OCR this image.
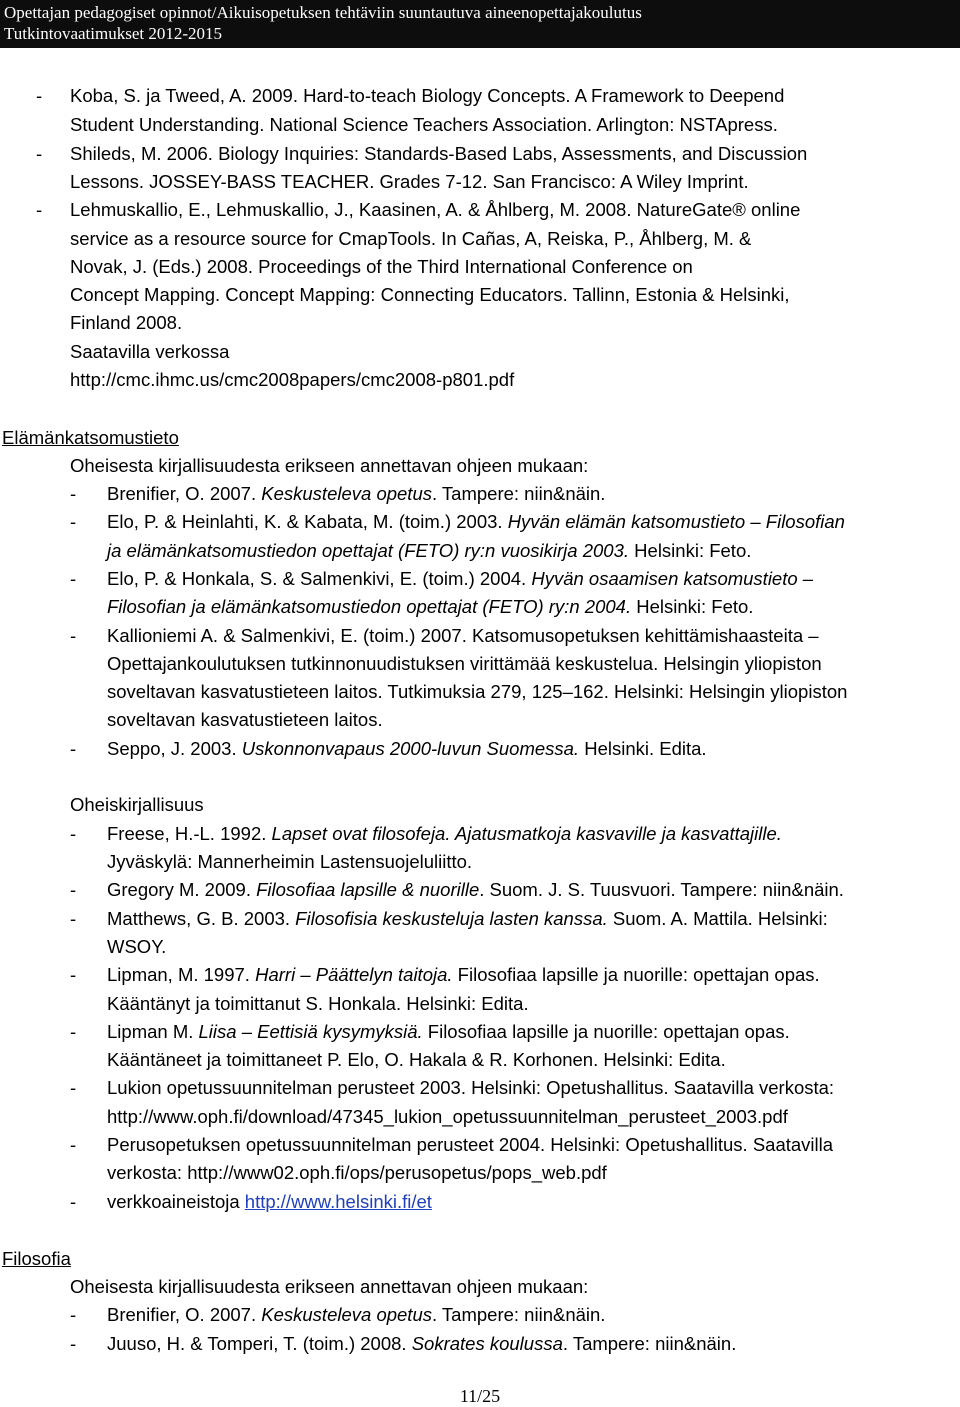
Opettajan pedagogiset opinnot/Aikuisopetuksen tehtäviin suuntautuva aineenopettajakoulutus
Tutkintovaatimukset 2012-2015
- Koba, S. ja Tweed, A. 2009. Hard-to-teach Biology Concepts. A Framework to Deepend
Student Understanding. National Science Teachers Association. Arlington: NSTApress.
- Shileds, M. 2006. Biology Inquiries: Standards-Based Labs, Assessments, and Discussion
Lessons. JOSSEY-BASS TEACHER. Grades 7-12. San Francisco: A Wiley Imprint.
- Lehmuskallio, E., Lehmuskallio, J., Kaasinen, A. & Åhlberg, M. 2008. NatureGate® online
service as a resource source for CmapTools. In Cañas, A, Reiska, P., Åhlberg, M. &
Novak, J. (Eds.) 2008. Proceedings of the Third International Conference on
Concept Mapping. Concept Mapping: Connecting Educators. Tallinn, Estonia & Helsinki,
Finland 2008.
Saatavilla verkossa
http://cmc.ihmc.us/cmc2008papers/cmc2008-p801.pdf
Elämänkatsomustieto
Oheisesta kirjallisuudesta erikseen annettavan ohjeen mukaan:
- Brenifier, O. 2007. Keskusteleva opetus. Tampere: niin&näin.
- Elo, P. & Heinlahti, K. & Kabata, M. (toim.) 2003. Hyvän elämän katsomustieto – Filosofian
ja elämänkatsomustiedon opettajat (FETO) ry:n vuosikirja 2003. Helsinki: Feto.
- Elo, P. & Honkala, S. & Salmenkivi, E. (toim.) 2004. Hyvän osaamisen katsomustieto –
Filosofian ja elämänkatsomustiedon opettajat (FETO) ry:n 2004. Helsinki: Feto.
- Kallioniemi A. & Salmenkivi, E. (toim.) 2007. Katsomusopetuksen kehittämishaasteita –
Opettajankoulutuksen tutkinnonuudistuksen virittämää keskustelua. Helsingin yliopiston
soveltavan kasvatustieteen laitos. Tutkimuksia 279, 125–162. Helsinki: Helsingin yliopiston
soveltavan kasvatustieteen laitos.
- Seppo, J. 2003. Uskonnonvapaus 2000-luvun Suomessa. Helsinki. Edita.
Oheiskirjallisuus
- Freese, H.-L. 1992. Lapset ovat filosofeja. Ajatusmatkoja kasvaville ja kasvattajille.
Jyväskylä: Mannerheimin Lastensuojeluliitto.
- Gregory M. 2009. Filosofiaa lapsille & nuorille. Suom. J. S. Tuusvuori. Tampere: niin&näin.
- Matthews, G. B. 2003. Filosofisia keskusteluja lasten kanssa. Suom. A. Mattila. Helsinki:
WSOY.
- Lipman, M. 1997. Harri – Päättelyn taitoja. Filosofiaa lapsille ja nuorille: opettajan opas.
Kääntänyt ja toimittanut S. Honkala. Helsinki: Edita.
- Lipman M. Liisa – Eettisiä kysymyksiä. Filosofiaa lapsille ja nuorille: opettajan opas.
Kääntäneet ja toimittaneet P. Elo, O. Hakala & R. Korhonen. Helsinki: Edita.
- Lukion opetussuunnitelman perusteet 2003. Helsinki: Opetushallitus. Saatavilla verkosta:
http://www.oph.fi/download/47345_lukion_opetussuunnitelman_perusteet_2003.pdf
- Perusopetuksen opetussuunnitelman perusteet 2004. Helsinki: Opetushallitus. Saatavilla
verkosta: http://www02.oph.fi/ops/perusopetus/pops_web.pdf
- verkkoaineistoja http://www.helsinki.fi/et
Filosofia
Oheisesta kirjallisuudesta erikseen annettavan ohjeen mukaan:
- Brenifier, O. 2007. Keskusteleva opetus. Tampere: niin&näin.
- Juuso, H. & Tomperi, T. (toim.) 2008. Sokrates koulussa. Tampere: niin&näin.
11/25
